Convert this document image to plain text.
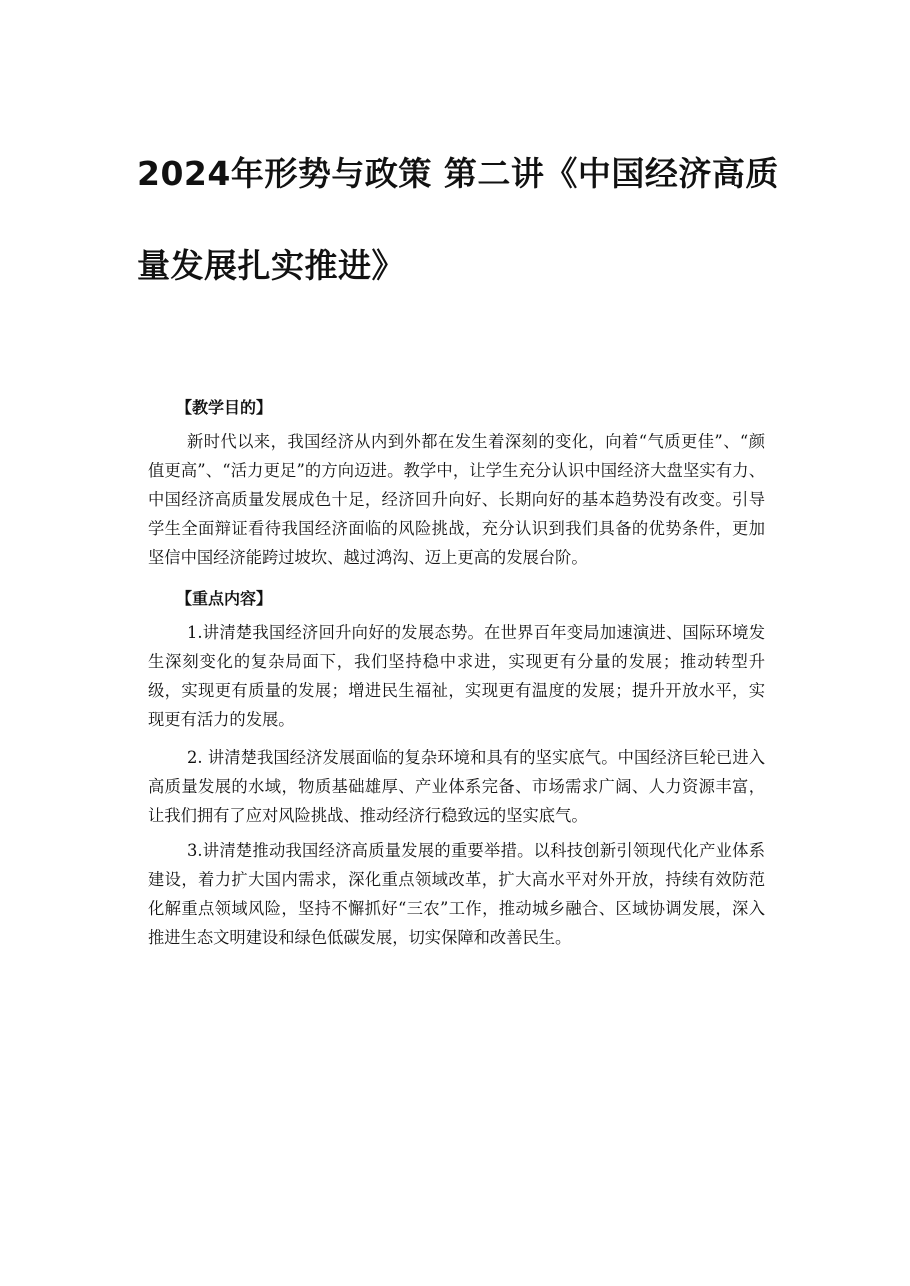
2024年形势与政策 第二讲《中国经济高质
量发展扎实推进》
【教学目的】

新时代以来，我国经济从内到外都在发生着深刻的变化，向着“气质更佳”、“颜值更高”、“活力更足”的方向迈进。教学中，让学生充分认识中国经济大盘坚实有力、中国经济高质量发展成色十足，经济回升向好、长期向好的基本趋势没有改变。引导学生全面辩证看待我国经济面临的风险挑战，充分认识到我们具备的优势条件，更加坚信中国经济能跨过坡坎、越过鸿沟、迈上更高的发展台阶。

【重点内容】

1.讲清楚我国经济回升向好的发展态势。在世界百年变局加速演进、国际环境发生深刻变化的复杂局面下，我们坚持稳中求进，实现更有分量的发展；推动转型升级，实现更有质量的发展；增进民生福祉，实现更有温度的发展；提升开放水平，实现更有活力的发展。

2. 讲清楚我国经济发展面临的复杂环境和具有的坚实底气。中国经济巨轮已进入高质量发展的水域，物质基础雄厚、产业体系完备、市场需求广阔、人力资源丰富，让我们拥有了应对风险挑战、推动经济行稳致远的坚实底气。

3.讲清楚推动我国经济高质量发展的重要举措。以科技创新引领现代化产业体系建设，着力扩大国内需求，深化重点领域改革，扩大高水平对外开放，持续有效防范化解重点领域风险，坚持不懈抓好“三农”工作，推动城乡融合、区域协调发展，深入推进生态文明建设和绿色低碳发展，切实保障和改善民生。
